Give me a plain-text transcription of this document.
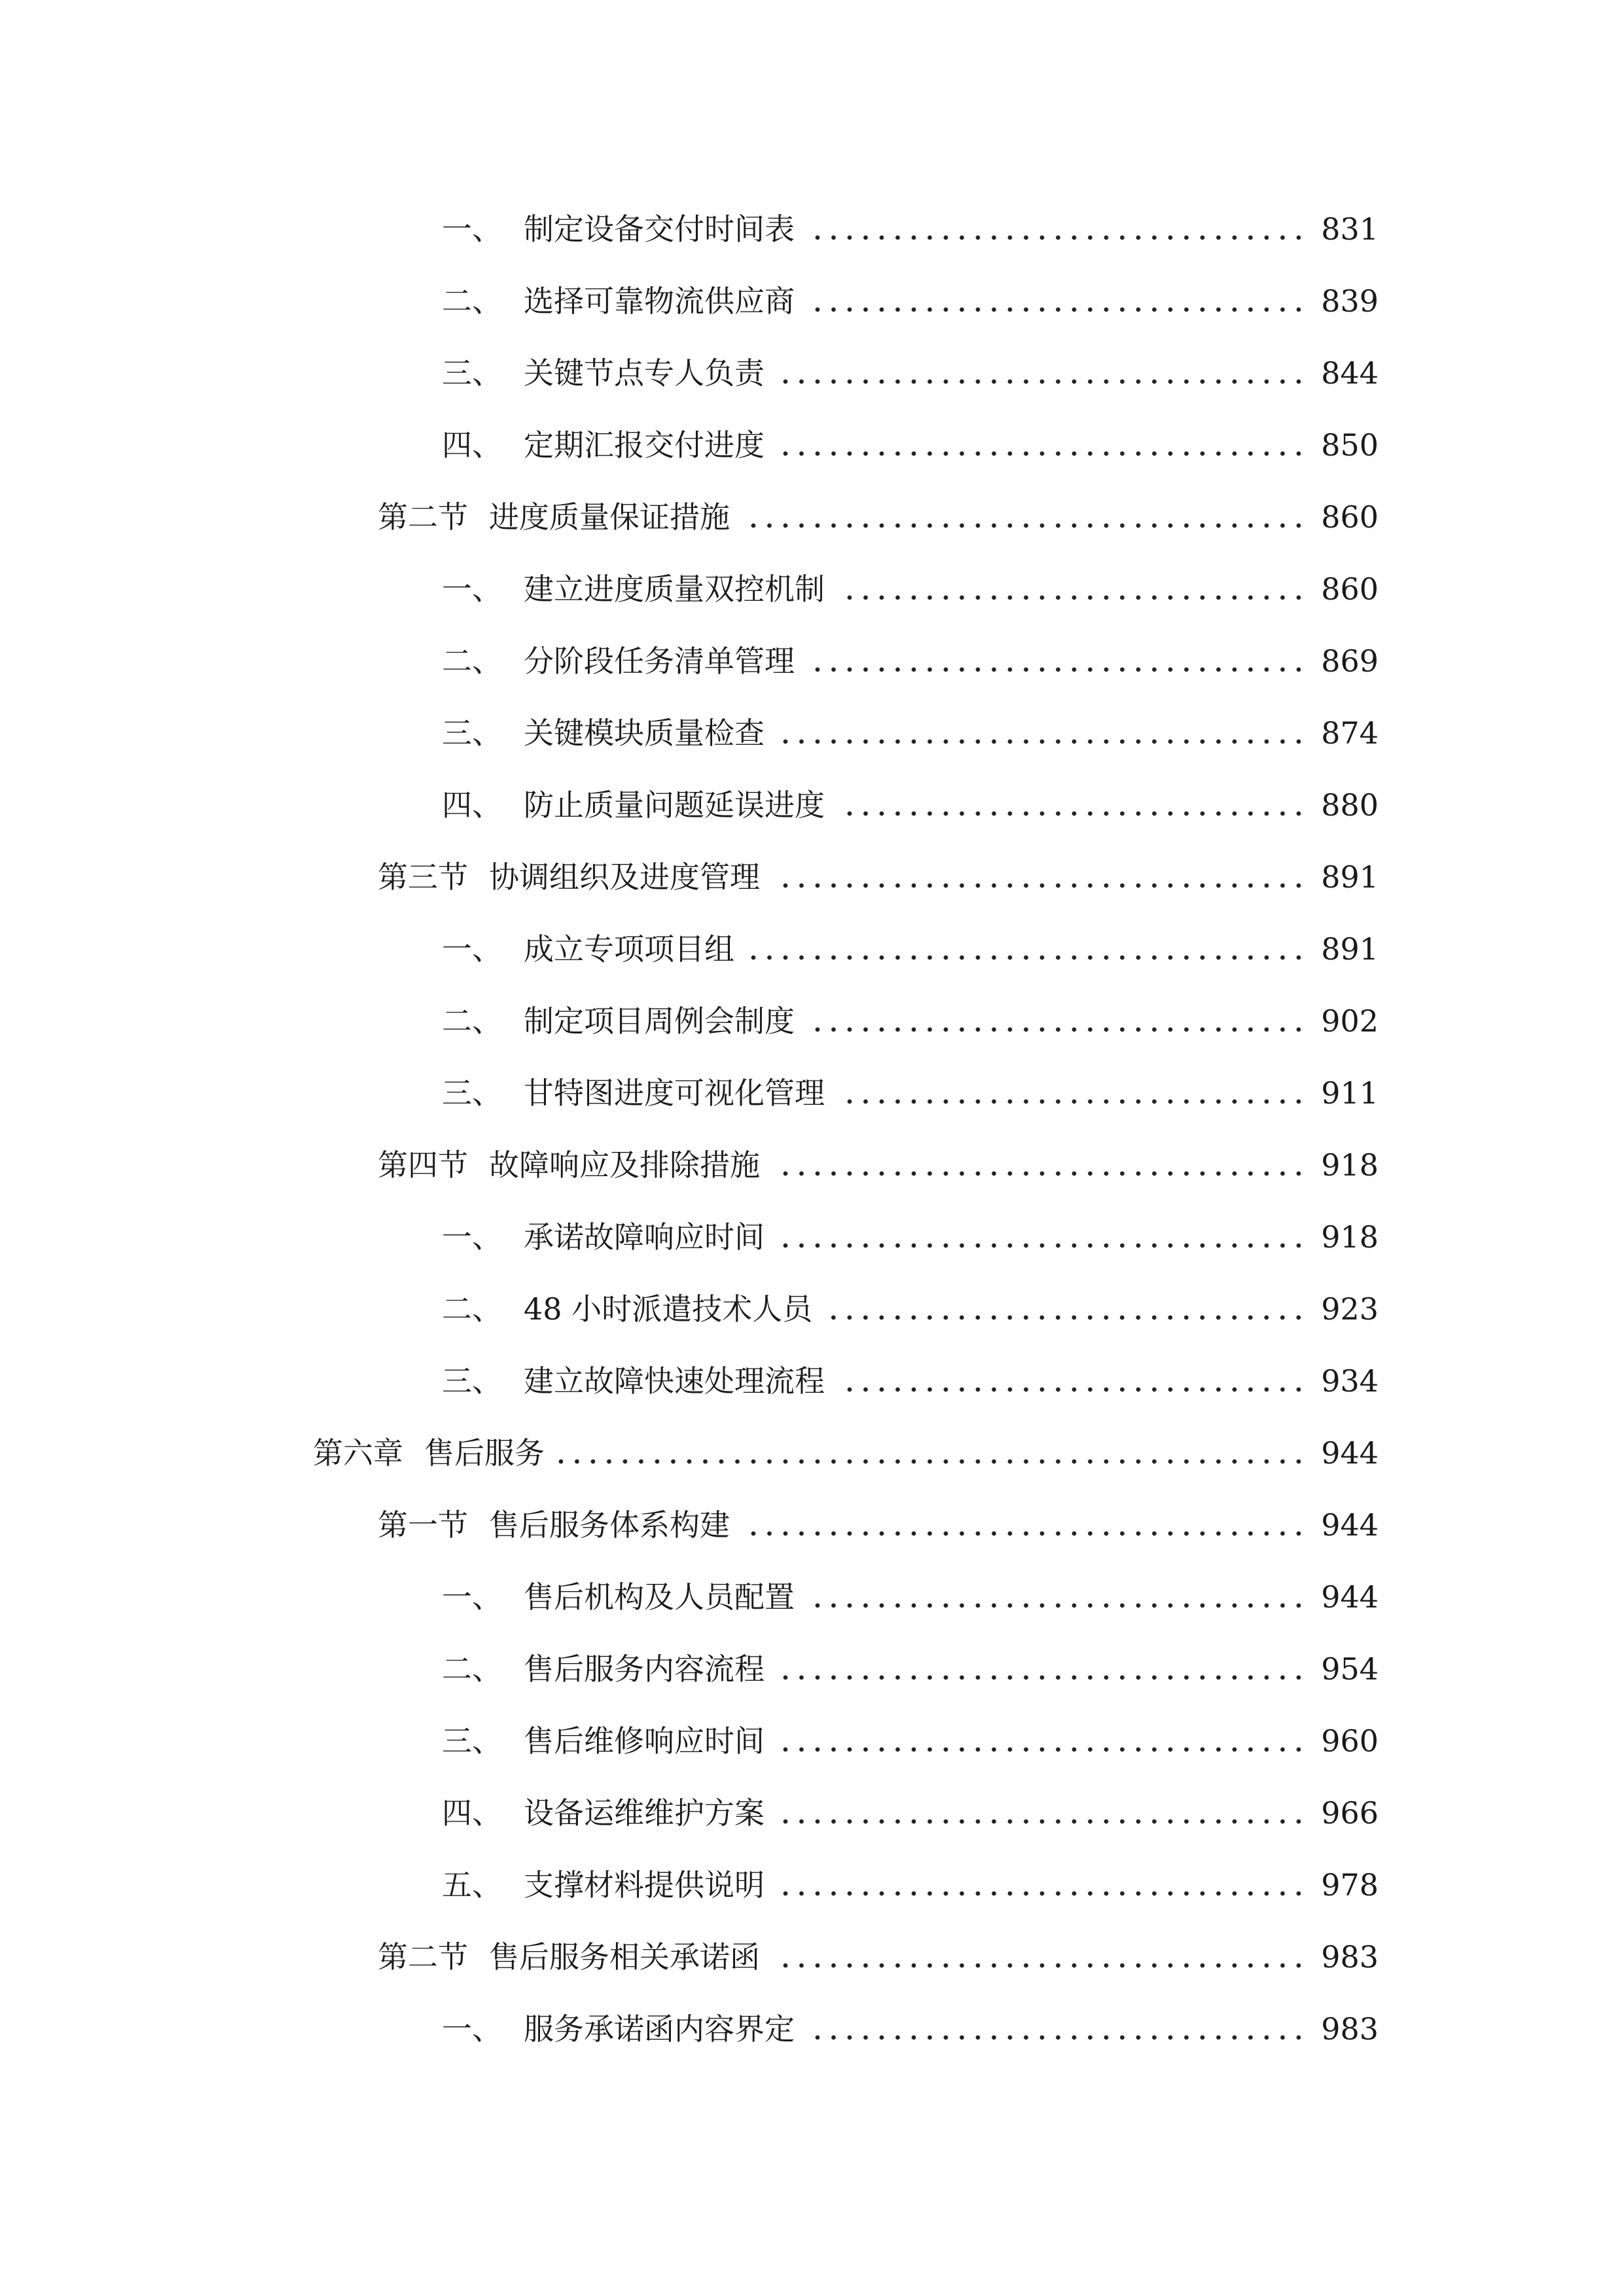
一、 制定设备交付时间表	831
二、 选择可靠物流供应商	839
三、 关键节点专人负责	844
四、 定期汇报交付进度	850
第二节 进度质量保证措施	860
一、 建立进度质量双控机制	860
二、 分阶段任务清单管理	869
三、 关键模块质量检查	874
四、 防止质量问题延误进度	880
第三节 协调组织及进度管理	891
一、 成立专项项目组	891
二、 制定项目周例会制度	902
三、 甘特图进度可视化管理	911
第四节 故障响应及排除措施	918
一、 承诺故障响应时间	918
二、 48 小时派遣技术人员	923
三、 建立故障快速处理流程	934
第六章 售后服务	944
第一节 售后服务体系构建	944
一、 售后机构及人员配置	944
二、 售后服务内容流程	954
三、 售后维修响应时间	960
四、 设备运维维护方案	966
五、 支撑材料提供说明	978
第二节 售后服务相关承诺函	983
一、 服务承诺函内容界定	983
